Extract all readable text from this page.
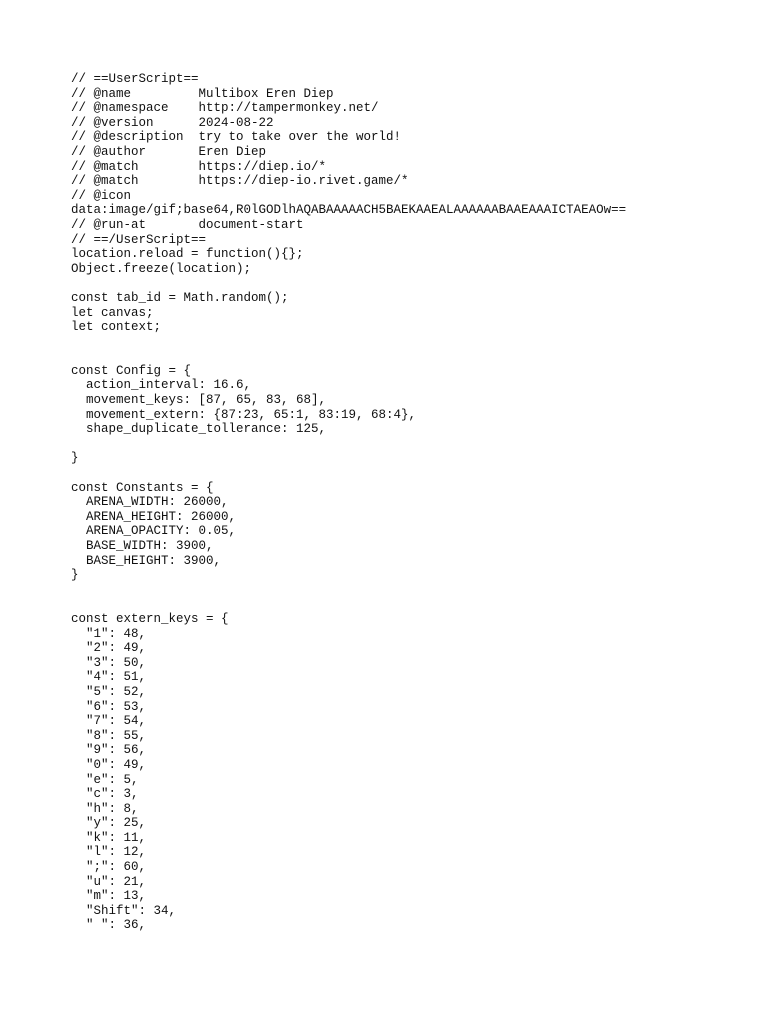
// ==UserScript==
// @name         Multibox Eren Diep
// @namespace    http://tampermonkey.net/
// @version      2024-08-22
// @description  try to take over the world!
// @author       Eren Diep
// @match        https://diep.io/*
// @match        https://diep-io.rivet.game/*
// @icon
data:image/gif;base64,R0lGODlhAQABAAAAACH5BAEKAAEALAAAAAABAAEAAAICTAEAOw==
// @run-at       document-start
// ==/UserScript==
location.reload = function(){};
Object.freeze(location);
const tab_id = Math.random();
let canvas;
let context;
const Config = {
action_interval: 16.6,
movement_keys: [87, 65, 83, 68],
movement_extern: {87:23, 65:1, 83:19, 68:4},
shape_duplicate_tollerance: 125,
}
const Constants = {
ARENA_WIDTH: 26000,
ARENA_HEIGHT: 26000,
ARENA_OPACITY: 0.05,
BASE_WIDTH: 3900,
BASE_HEIGHT: 3900,
}
const extern_keys = {
"1": 48,
"2": 49,
"3": 50,
"4": 51,
"5": 52,
"6": 53,
"7": 54,
"8": 55,
"9": 56,
"0": 49,
"e": 5,
"c": 3,
"h": 8,
"y": 25,
"k": 11,
"l": 12,
";": 60,
"u": 21,
"m": 13,
"Shift": 34,
" ": 36,
